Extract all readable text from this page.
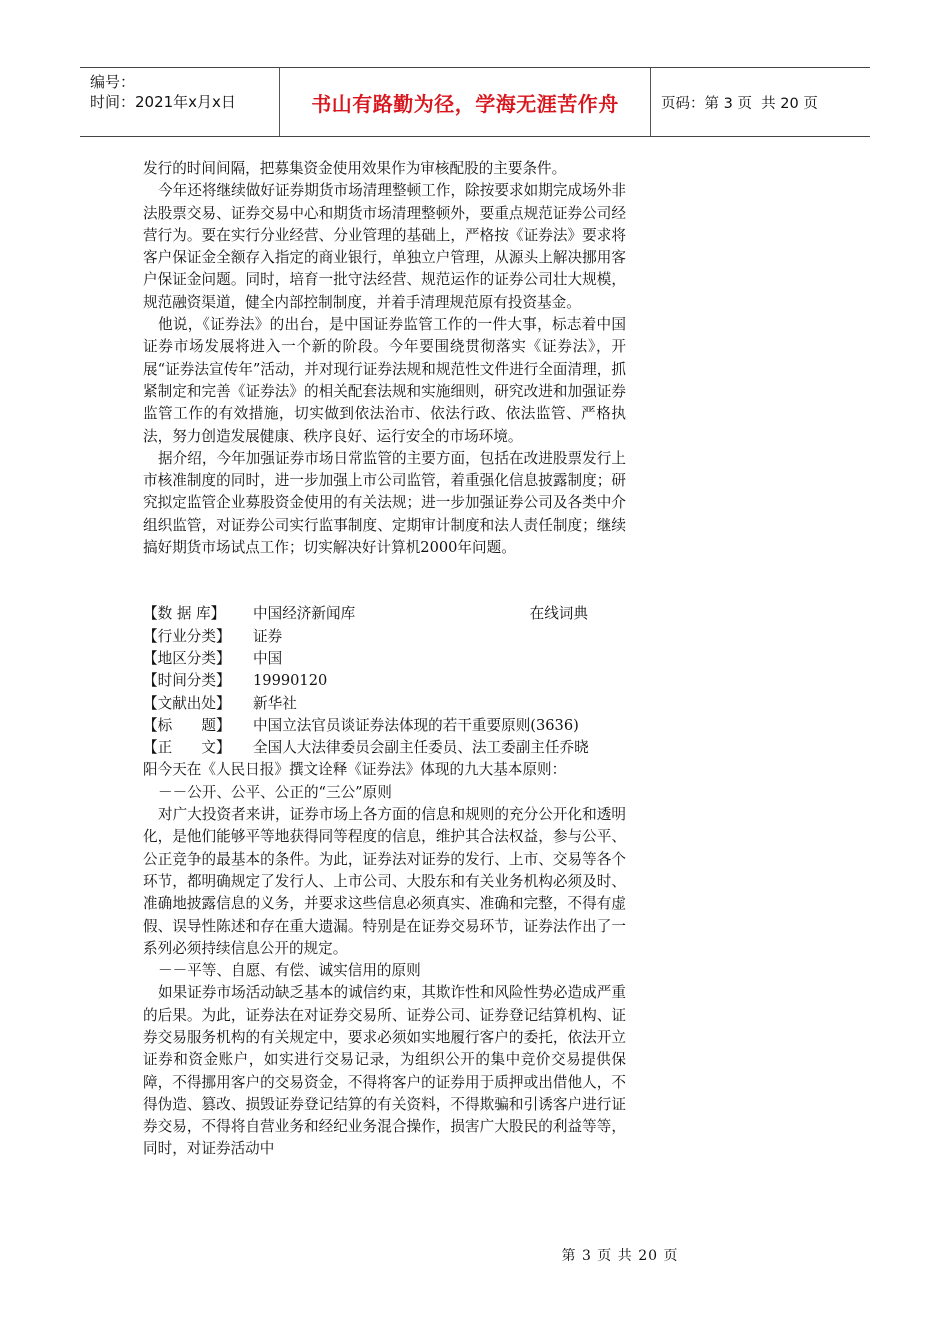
编号：
时间：2021年x月x日	书山有路勤为径，学海无涯苦作舟	页码：第 3 页  共 20 页

发行的时间间隔，把募集资金使用效果作为审核配股的主要条件。

今年还将继续做好证券期货市场清理整顿工作，除按要求如期完成场外非法股票交易、证券交易中心和期货市场清理整顿外，要重点规范证券公司经营行为。要在实行分业经营、分业管理的基础上，严格按《证券法》要求将客户保证金全额存入指定的商业银行，单独立户管理，从源头上解决挪用客户保证金问题。同时，培育一批守法经营、规范运作的证券公司壮大规模，规范融资渠道，健全内部控制制度，并着手清理规范原有投资基金。

他说，《证券法》的出台，是中国证券监管工作的一件大事，标志着中国证券市场发展将进入一个新的阶段。今年要围绕贯彻落实《证券法》，开展“证券法宣传年”活动，并对现行证券法规和规范性文件进行全面清理，抓紧制定和完善《证券法》的相关配套法规和实施细则，研究改进和加强证券监管工作的有效措施，切实做到依法治市、依法行政、依法监管、严格执法，努力创造发展健康、秩序良好、运行安全的市场环境。

据介绍，今年加强证券市场日常监管的主要方面，包括在改进股票发行上市核准制度的同时，进一步加强上市公司监管，着重强化信息披露制度；研究拟定监管企业募股资金使用的有关法规；进一步加强证券公司及各类中介组织监管，对证券公司实行监事制度、定期审计制度和法人责任制度；继续搞好期货市场试点工作；切实解决好计算机2000年问题。

【数 据 库】	中国经济新闻库	在线词典
【行业分类】	证券
【地区分类】	中国
【时间分类】	19990120
【文献出处】	新华社
【标　　题】	中国立法官员谈证券法体现的若干重要原则(3636)
【正　　文】	全国人大法律委员会副主任委员、法工委副主任乔晓

阳今天在《人民日报》撰文诠释《证券法》体现的九大基本原则：

－－公开、公平、公正的“三公”原则

对广大投资者来讲，证券市场上各方面的信息和规则的充分公开化和透明化，是他们能够平等地获得同等程度的信息，维护其合法权益，参与公平、公正竞争的最基本的条件。为此，证券法对证券的发行、上市、交易等各个环节，都明确规定了发行人、上市公司、大股东和有关业务机构必须及时、准确地披露信息的义务，并要求这些信息必须真实、准确和完整，不得有虚假、误导性陈述和存在重大遗漏。特别是在证券交易环节，证券法作出了一系列必须持续信息公开的规定。

－－平等、自愿、有偿、诚实信用的原则

如果证券市场活动缺乏基本的诚信约束，其欺诈性和风险性势必造成严重的后果。为此，证券法在对证券交易所、证券公司、证券登记结算机构、证券交易服务机构的有关规定中，要求必须如实地履行客户的委托，依法开立证券和资金账户，如实进行交易记录，为组织公开的集中竞价交易提供保障，不得挪用客户的交易资金，不得将客户的证券用于质押或出借他人，不得伪造、篡改、损毁证券登记结算的有关资料，不得欺骗和引诱客户进行证券交易，不得将自营业务和经纪业务混合操作，损害广大股民的利益等等，同时，对证券活动中

第 3 页 共 20 页
